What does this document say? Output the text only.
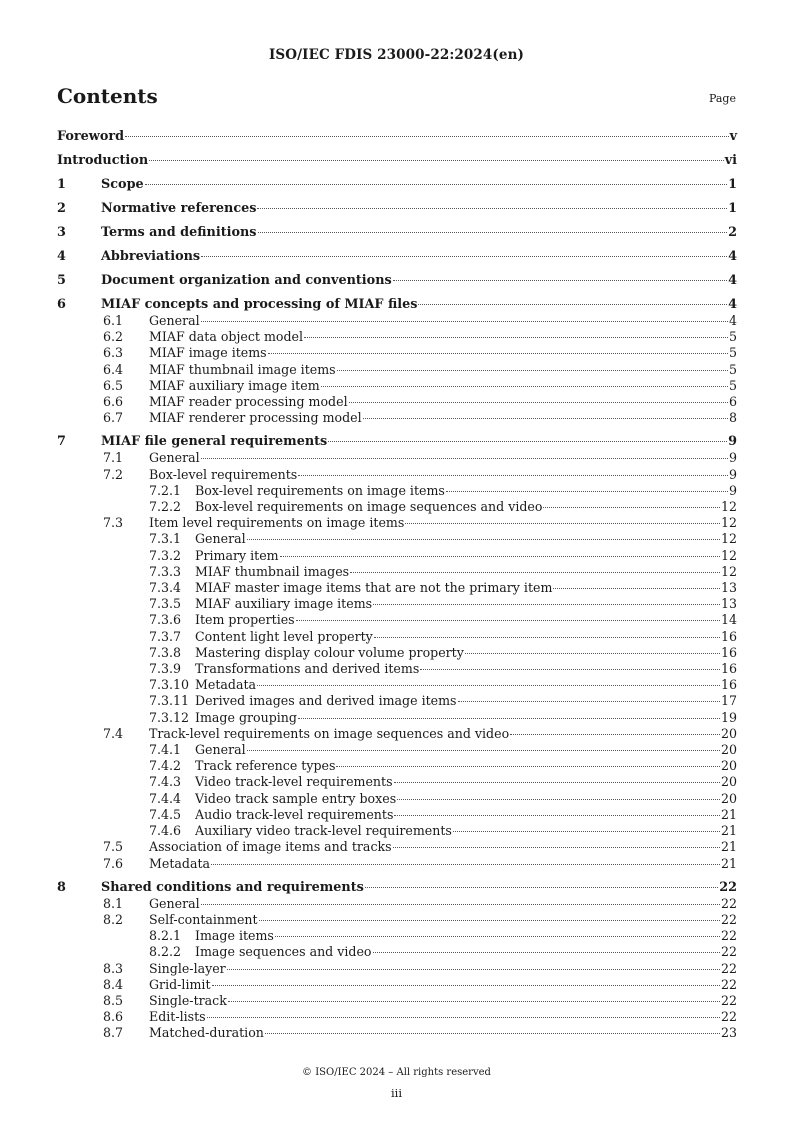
ISO/IEC FDIS 23000-22:2024(en)
Contents	Page
Foreword	v
Introduction	vi
1	Scope	1
2	Normative references	1
3	Terms and definitions	2
4	Abbreviations	4
5	Document organization and conventions	4
6	MIAF concepts and processing of MIAF files	4
6.1	General	4
6.2	MIAF data object model	5
6.3	MIAF image items	5
6.4	MIAF thumbnail image items	5
6.5	MIAF auxiliary image item	5
6.6	MIAF reader processing model	6
6.7	MIAF renderer processing model	8
7	MIAF file general requirements	9
7.1	General	9
7.2	Box-level requirements	9
7.2.1	Box-level requirements on image items	9
7.2.2	Box-level requirements on image sequences and video	12
7.3	Item level requirements on image items	12
7.3.1	General	12
7.3.2	Primary item	12
7.3.3	MIAF thumbnail images	12
7.3.4	MIAF master image items that are not the primary item	13
7.3.5	MIAF auxiliary image items	13
7.3.6	Item properties	14
7.3.7	Content light level property	16
7.3.8	Mastering display colour volume property	16
7.3.9	Transformations and derived items	16
7.3.10 Metadata	16
7.3.11 Derived images and derived image items	17
7.3.12 Image grouping	19
7.4	Track-level requirements on image sequences and video	20
7.4.1	General	20
7.4.2	Track reference types	20
7.4.3	Video track-level requirements	20
7.4.4	Video track sample entry boxes	20
7.4.5	Audio track-level requirements	21
7.4.6	Auxiliary video track-level requirements	21
7.5	Association of image items and tracks	21
7.6	Metadata	21
8	Shared conditions and requirements	22
8.1	General	22
8.2	Self-containment	22
8.2.1	Image items	22
8.2.2	Image sequences and video	22
8.3	Single-layer	22
8.4	Grid-limit	22
8.5	Single-track	22
8.6	Edit-lists	22
8.7	Matched-duration	23
© ISO/IEC 2024 – All rights reserved
iii
